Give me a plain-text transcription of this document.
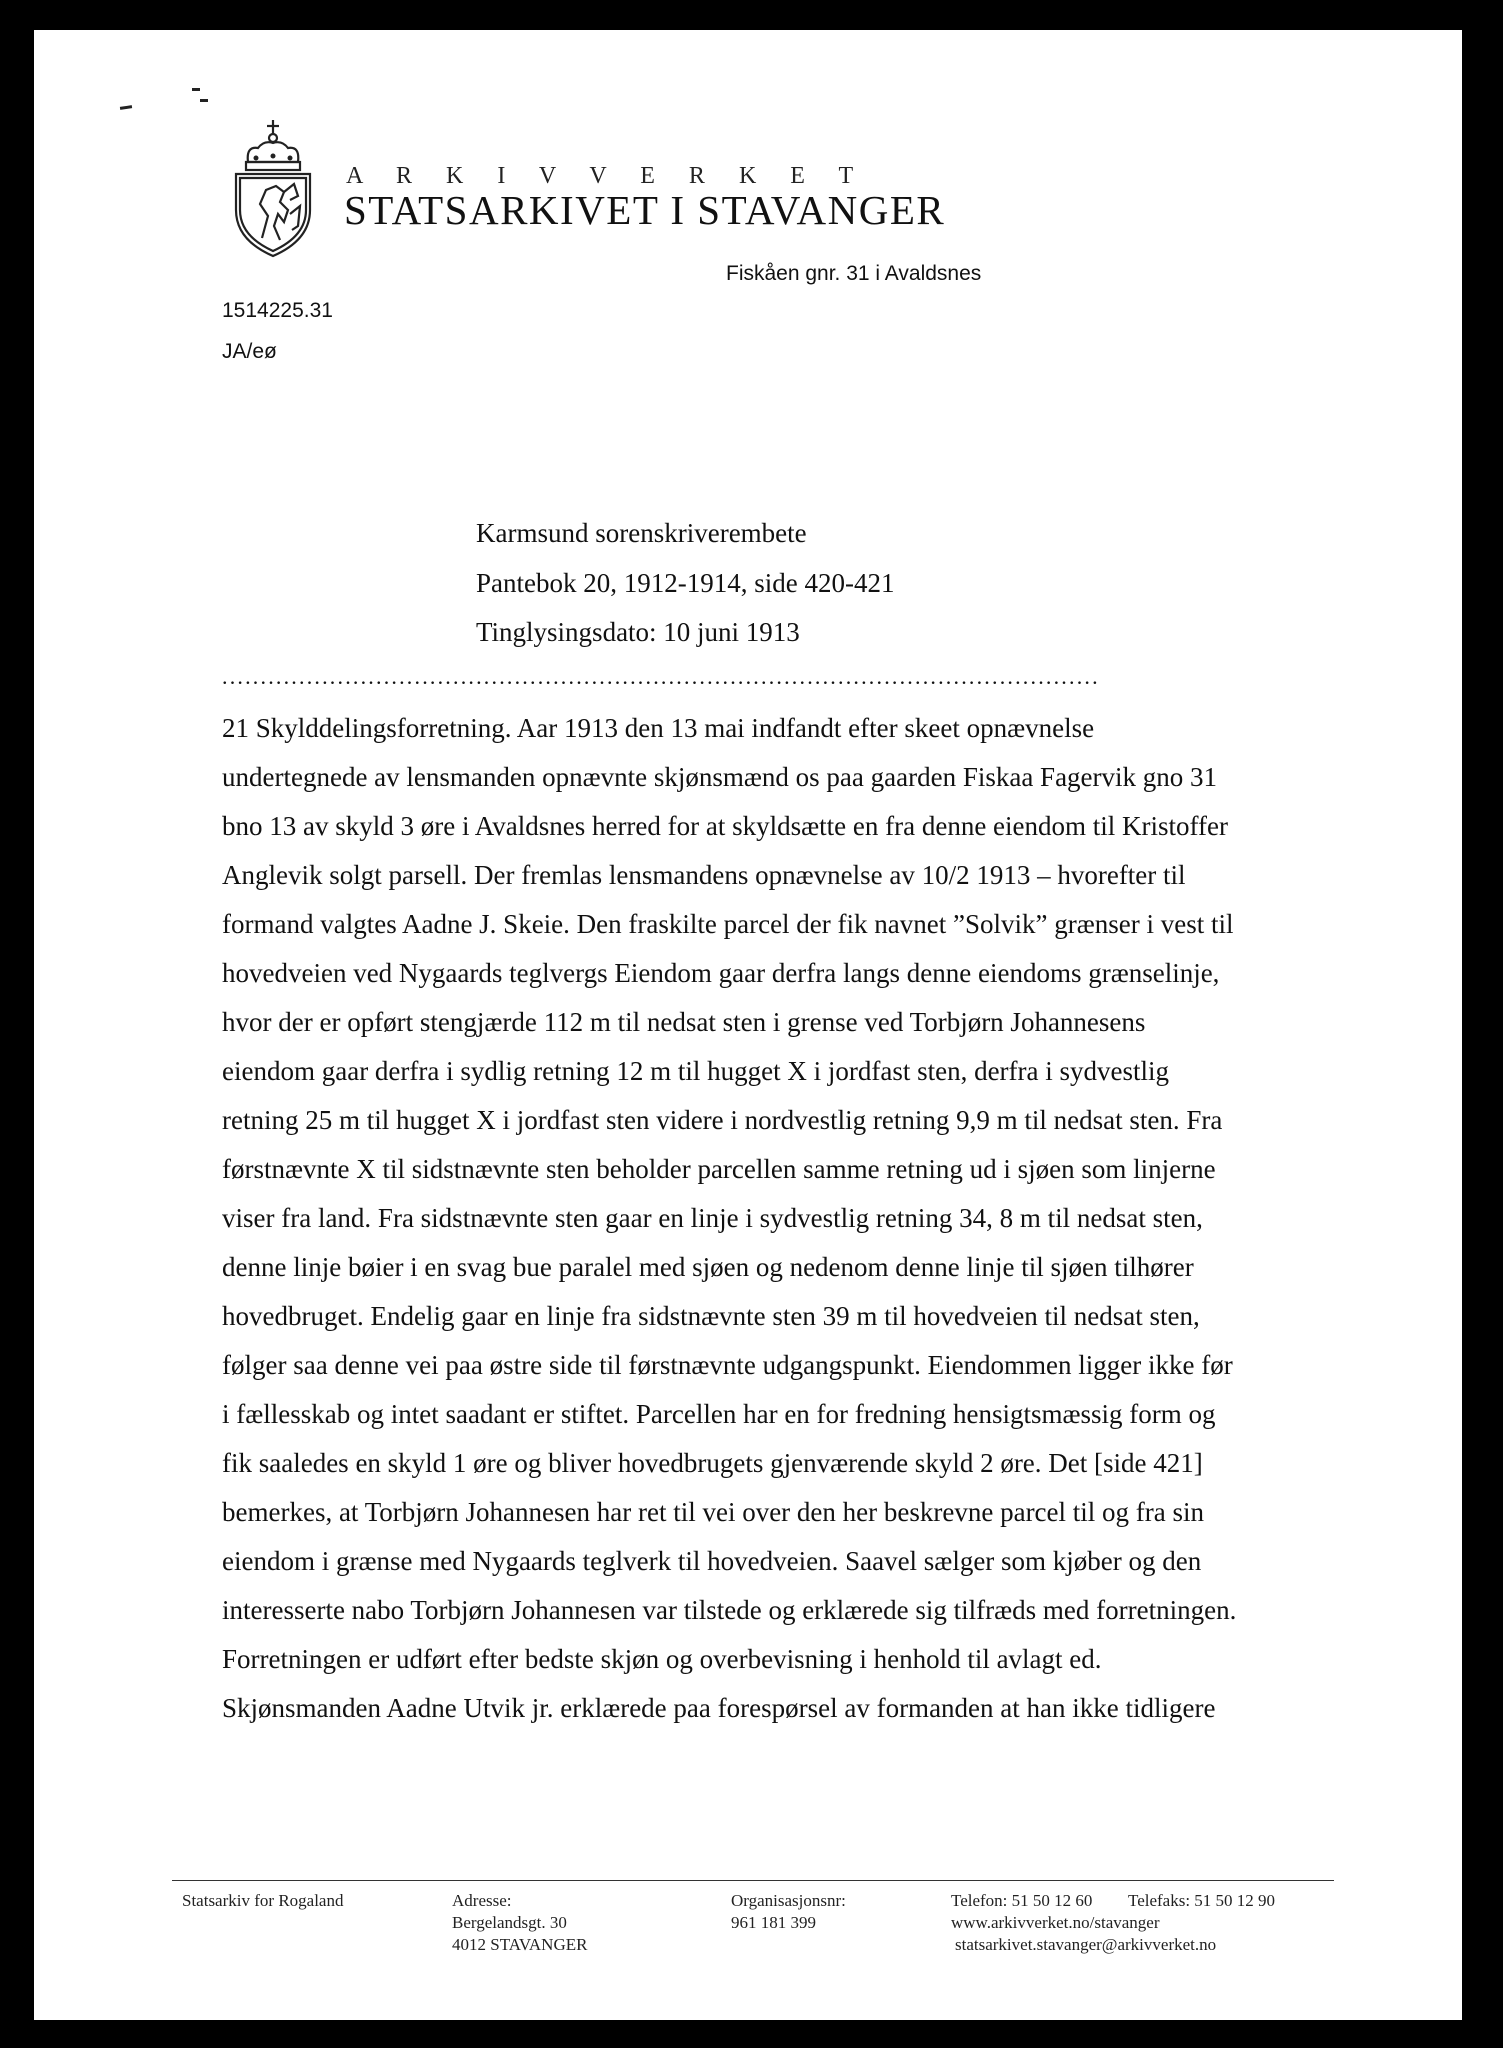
A R K I V V E R K E T
STATSARKIVET I STAVANGER
Fiskåen gnr. 31 i Avaldsnes
1514225.31
JA/eø
Karmsund sorenskriverembete
Pantebok 20, 1912-1914, side 420-421
Tinglysingsdato: 10 juni 1913
..................................................................................................................
21 Skylddelingsforretning. Aar 1913 den 13 mai indfandt efter skeet opnævnelse
undertegnede av lensmanden opnævnte skjønsmænd os paa gaarden Fiskaa Fagervik gno 31
bno 13 av skyld 3 øre i Avaldsnes herred for at skyldsætte en fra denne eiendom til Kristoffer
Anglevik solgt parsell. Der fremlas lensmandens opnævnelse av 10/2 1913 – hvorefter til
formand valgtes Aadne J. Skeie. Den fraskilte parcel der fik navnet ”Solvik” grænser i vest til
hovedveien ved Nygaards teglvergs Eiendom gaar derfra langs denne eiendoms grænselinje,
hvor der er opført stengjærde 112 m til nedsat sten i grense ved Torbjørn Johannesens
eiendom gaar derfra i sydlig retning 12 m til hugget X i jordfast sten, derfra i sydvestlig
retning 25 m til hugget X i jordfast sten videre i nordvestlig retning 9,9 m til nedsat sten. Fra
førstnævnte X til sidstnævnte sten beholder parcellen samme retning ud i sjøen som linjerne
viser fra land. Fra sidstnævnte sten gaar en linje i sydvestlig retning 34, 8 m til nedsat sten,
denne linje bøier i en svag bue paralel med sjøen og nedenom denne linje til sjøen tilhører
hovedbruget. Endelig gaar en linje fra sidstnævnte sten 39 m til hovedveien til nedsat sten,
følger saa denne vei paa østre side til førstnævnte udgangspunkt. Eiendommen ligger ikke før
i fællesskab og intet saadant er stiftet. Parcellen har en for fredning hensigtsmæssig form og
fik saaledes en skyld 1 øre og bliver hovedbrugets gjenværende skyld 2 øre. Det [side 421]
bemerkes, at Torbjørn Johannesen har ret til vei over den her beskrevne parcel til og fra sin
eiendom i grænse med Nygaards teglverk til hovedveien. Saavel sælger som kjøber og den
interesserte nabo Torbjørn Johannesen var tilstede og erklærede sig tilfræds med forretningen.
Forretningen er udført efter bedste skjøn og overbevisning i henhold til avlagt ed.
Skjønsmanden Aadne Utvik jr. erklærede paa forespørsel av formanden at han ikke tidligere
Statsarkiv for Rogaland	Adresse:
Bergelandsgt. 30
4012 STAVANGER
Organisasjonsnr:
961 181 399
Telefon: 51 50 12 60 Telefaks: 51 50 12 90
www.arkivverket.no/stavanger
statsarkivet.stavanger@arkivverket.no
